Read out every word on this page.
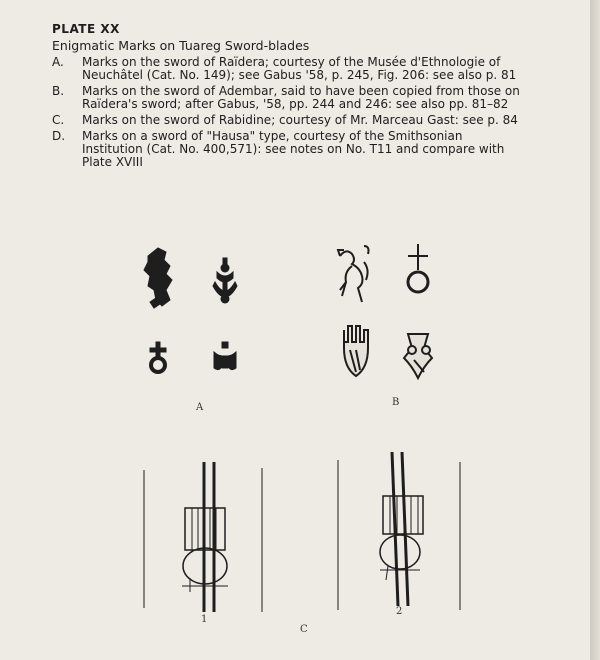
PLATE XX
Enigmatic Marks on Tuareg Sword-blades
A. Marks on the sword of Raïdera; courtesy of the Musée d'Ethnologie of Neuchâtel (Cat. No. 149); see Gabus '58, p. 245, Fig. 206: see also p. 81
B. Marks on the sword of Adembar, said to have been copied from those on Raïdera's sword; after Gabus, '58, pp. 244 and 246: see also pp. 81–82
C. Marks on the sword of Rabidine; courtesy of Mr. Marceau Gast: see p. 84
D. Marks on a sword of "Hausa" type, courtesy of the Smithsonian Institution (Cat. No. 400,571): see notes on No. T11 and compare with Plate XVIII
A	B
1
2
C
